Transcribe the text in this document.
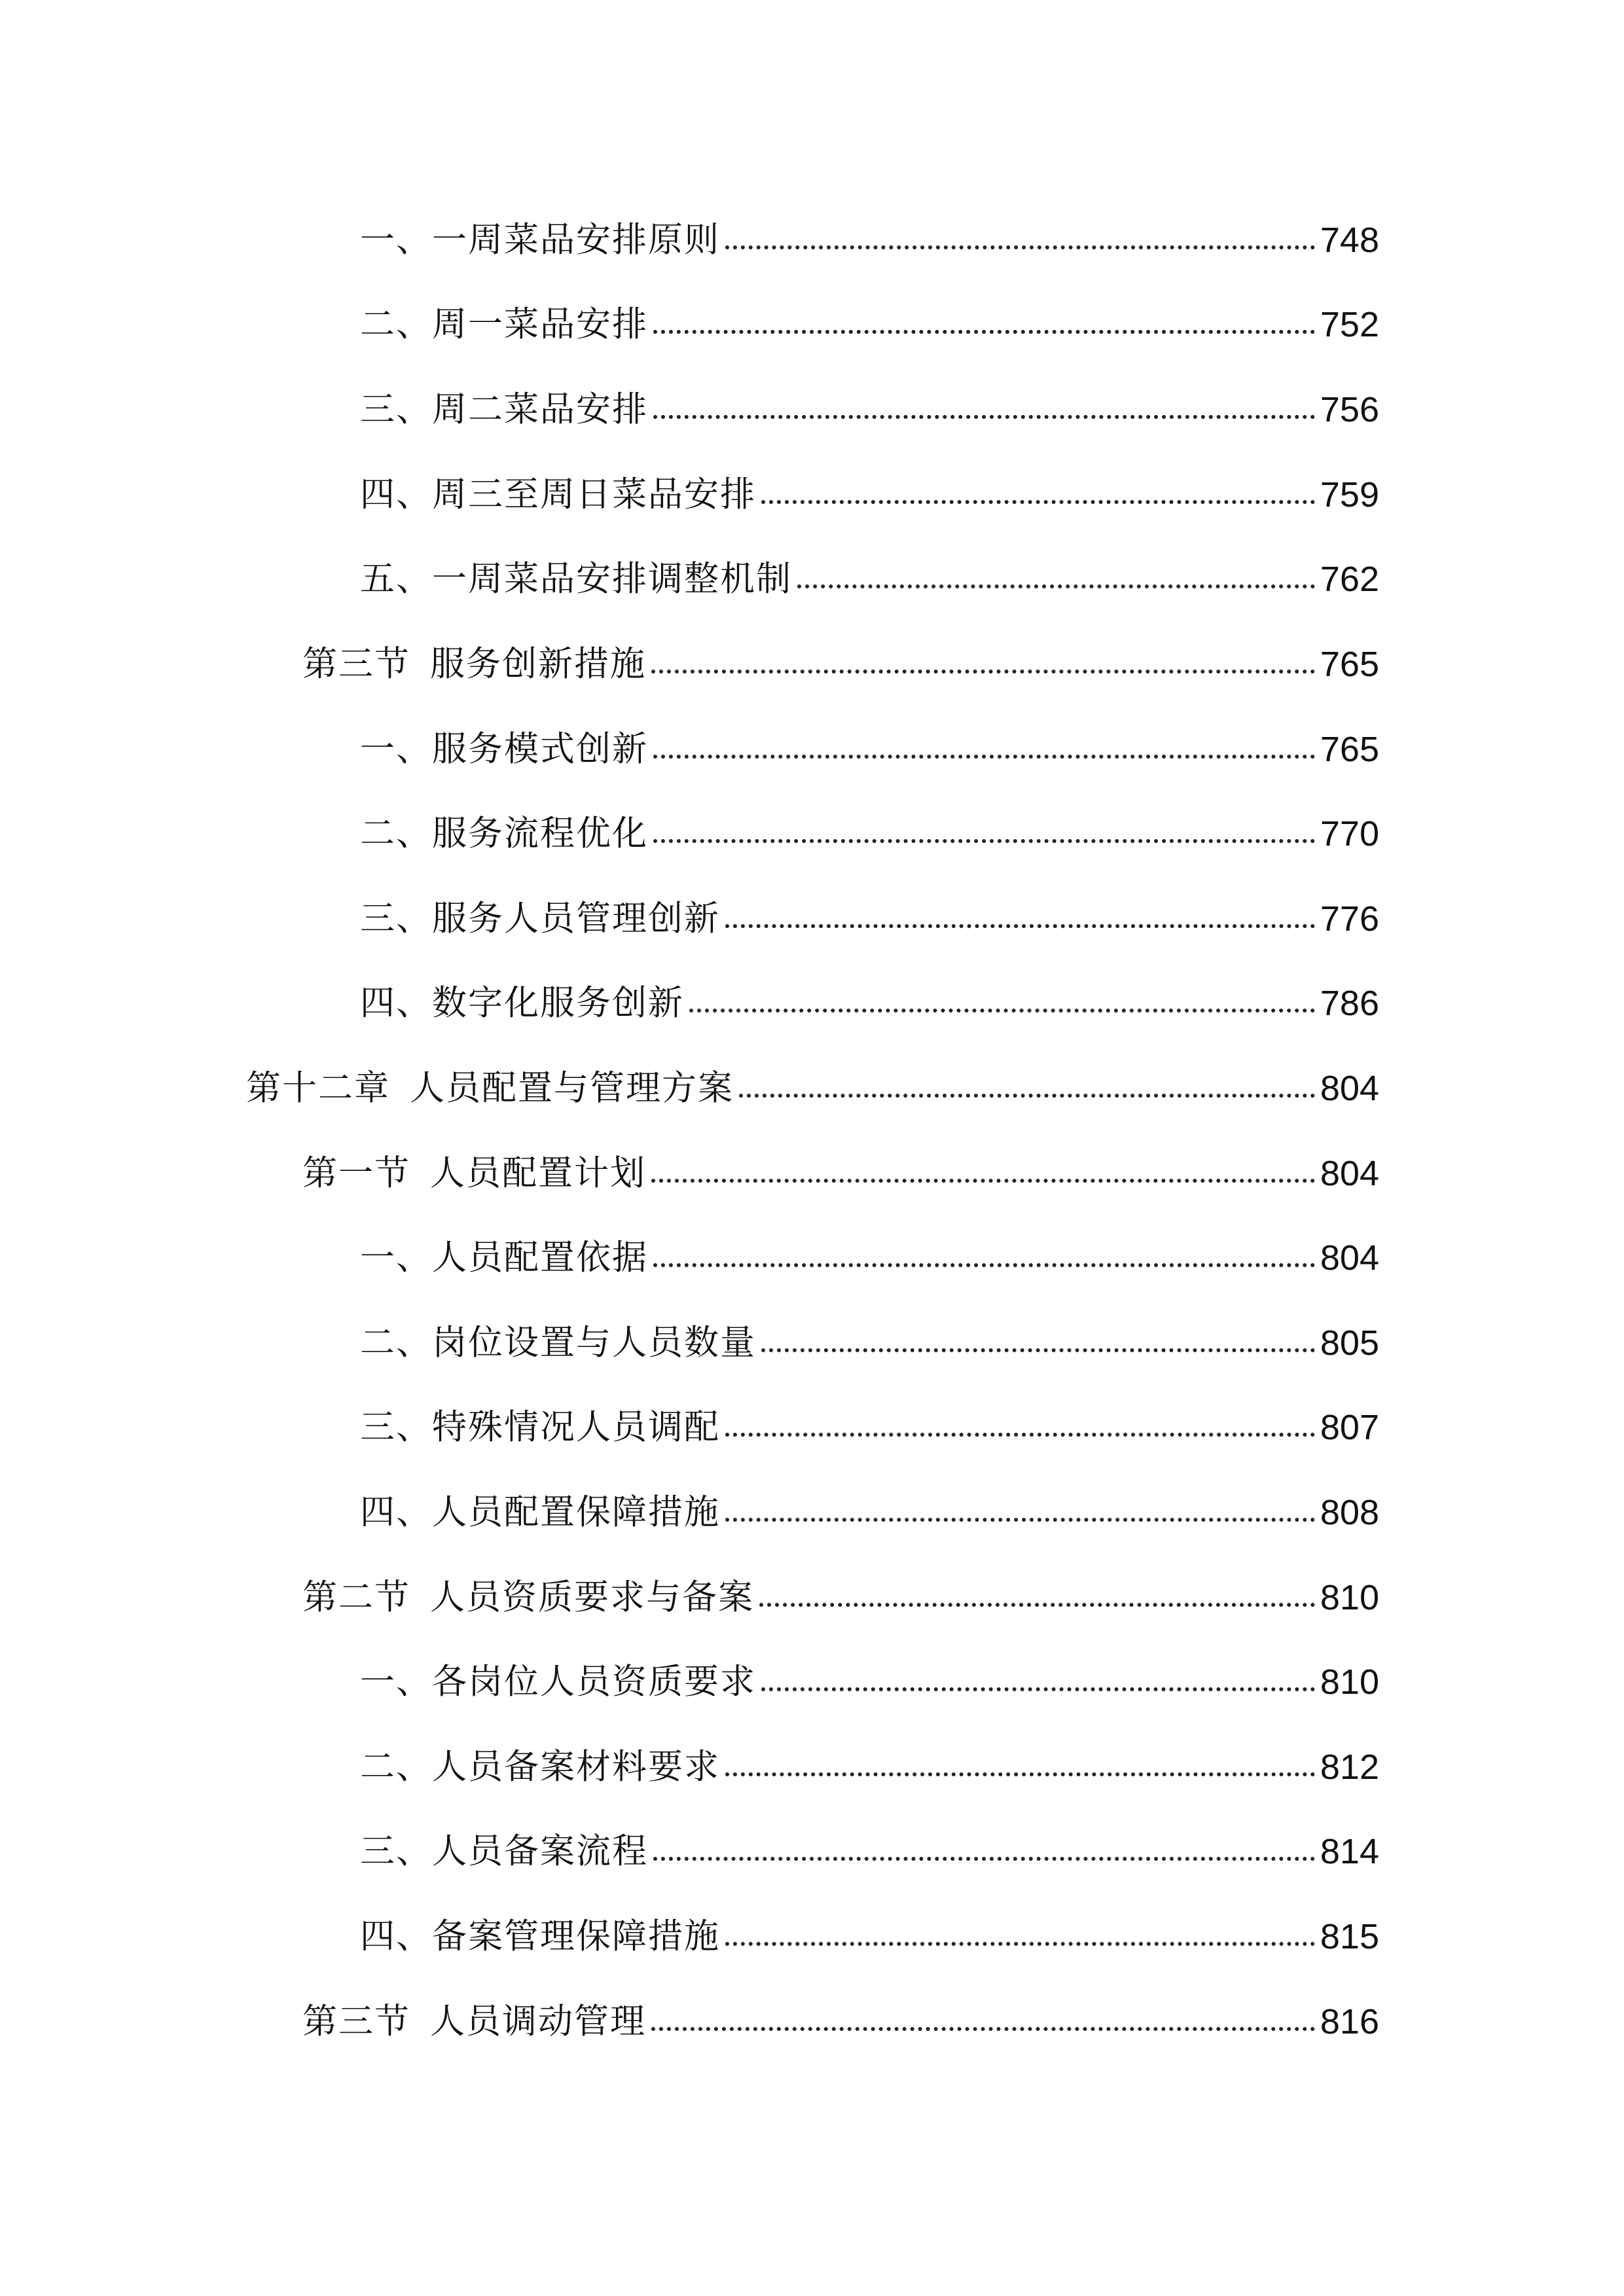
一、一周菜品安排原则	748
二、周一菜品安排	752
三、周二菜品安排	756
四、周三至周日菜品安排	759
五、一周菜品安排调整机制	762
第三节 服务创新措施	765
一、服务模式创新	765
二、服务流程优化	770
三、服务人员管理创新	776
四、数字化服务创新	786
第十二章 人员配置与管理方案	804
第一节 人员配置计划	804
一、人员配置依据	804
二、岗位设置与人员数量	805
三、特殊情况人员调配	807
四、人员配置保障措施	808
第二节 人员资质要求与备案	810
一、各岗位人员资质要求	810
二、人员备案材料要求	812
三、人员备案流程	814
四、备案管理保障措施	815
第三节 人员调动管理	816
